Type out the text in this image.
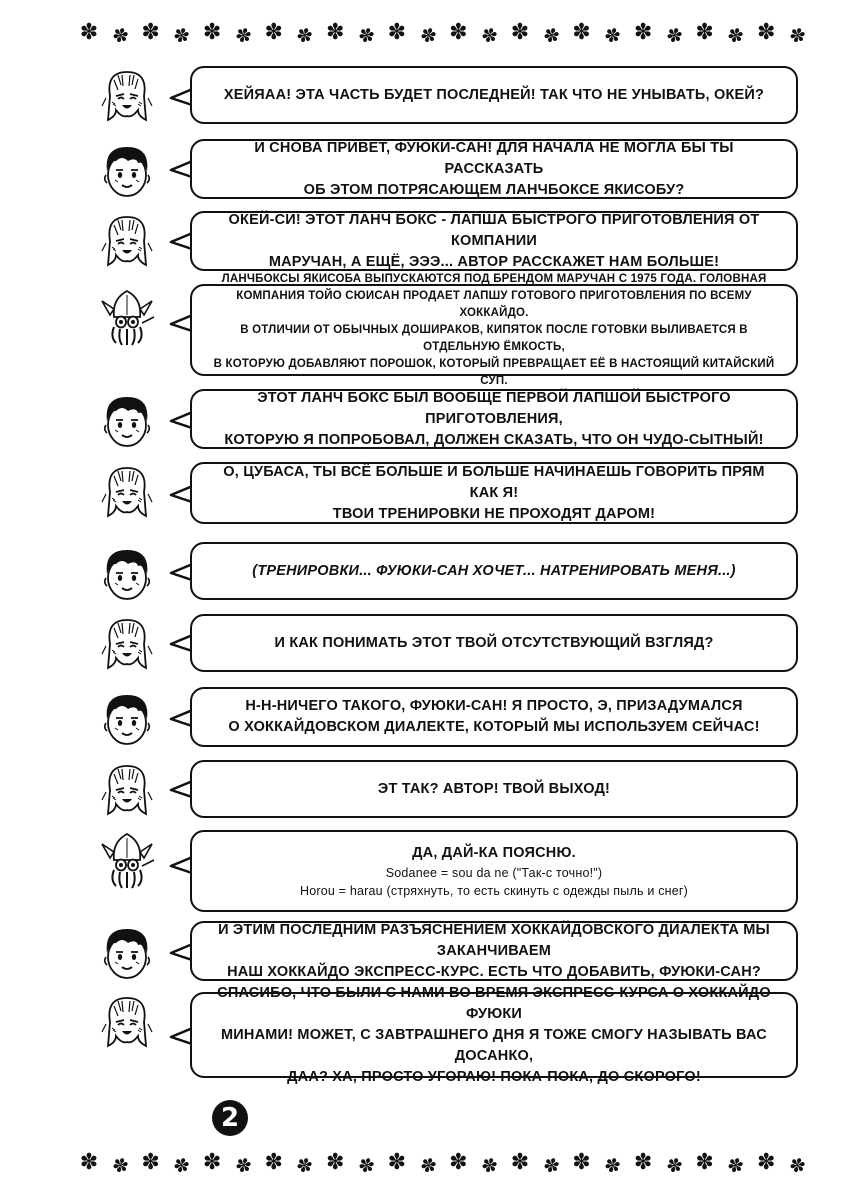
✽ ✽ ✽ ✽ ✽ ✽ ✽ ✽ ✽ ✽ ✽ ✽ ✽ ✽ ✽ ✽ ✽ ✽ ✽ ✽ ✽ ✽ ✽ ✽
ХЕЙЯАА! ЭТА ЧАСТЬ БУДЕТ ПОСЛЕДНЕЙ! ТАК ЧТО НЕ УНЫВАТЬ, ОКЕЙ?
И СНОВА ПРИВЕТ, ФУЮКИ-САН! ДЛЯ НАЧАЛА НЕ МОГЛА БЫ ТЫ РАССКАЗАТЬ
ОБ ЭТОМ ПОТРЯСАЮЩЕМ ЛАНЧБОКСЕ ЯКИСОБУ?
ОКЕЙ-СИ! ЭТОТ ЛАНЧ БОКС - ЛАПША БЫСТРОГО ПРИГОТОВЛЕНИЯ ОТ КОМПАНИИ
МАРУЧАН, А ЕЩЁ, ЭЭЭ... АВТОР РАССКАЖЕТ НАМ БОЛЬШЕ!
ЛАНЧБОКСЫ ЯКИСОБА ВЫПУСКАЮТСЯ ПОД БРЕНДОМ МАРУЧАН С 1975 ГОДА. ГОЛОВНАЯ
КОМПАНИЯ ТОЙО СЮИСАН ПРОДАЕТ ЛАПШУ ГОТОВОГО ПРИГОТОВЛЕНИЯ ПО ВСЕМУ ХОККАЙДО.
В ОТЛИЧИИ ОТ ОБЫЧНЫХ ДОШИРАКОВ, КИПЯТОК ПОСЛЕ ГОТОВКИ ВЫЛИВАЕТСЯ В ОТДЕЛЬНУЮ ЁМКОСТЬ,
В КОТОРУЮ ДОБАВЛЯЮТ ПОРОШОК, КОТОРЫЙ ПРЕВРАЩАЕТ ЕЁ В НАСТОЯЩИЙ КИТАЙСКИЙ СУП.
ЭТОТ ЛАНЧ БОКС БЫЛ ВООБЩЕ ПЕРВОЙ ЛАПШОЙ БЫСТРОГО ПРИГОТОВЛЕНИЯ,
КОТОРУЮ Я ПОПРОБОВАЛ, ДОЛЖЕН СКАЗАТЬ, ЧТО ОН ЧУДО-СЫТНЫЙ!
О, ЦУБАСА, ТЫ ВСЁ БОЛЬШЕ И БОЛЬШЕ НАЧИНАЕШЬ ГОВОРИТЬ ПРЯМ КАК Я!
ТВОИ ТРЕНИРОВКИ НЕ ПРОХОДЯТ ДАРОМ!
(ТРЕНИРОВКИ... ФУЮКИ-САН ХОЧЕТ... НАТРЕНИРОВАТЬ МЕНЯ...)
И КАК ПОНИМАТЬ ЭТОТ ТВОЙ ОТСУТСТВУЮЩИЙ ВЗГЛЯД?
Н-Н-НИЧЕГО ТАКОГО, ФУЮКИ-САН! Я ПРОСТО, Э, ПРИЗАДУМАЛСЯ
О ХОККАЙДОВСКОМ ДИАЛЕКТЕ, КОТОРЫЙ МЫ ИСПОЛЬЗУЕМ СЕЙЧАС!
ЭТ ТАК? АВТОР! ТВОЙ ВЫХОД!
ДА, ДАЙ-КА ПОЯСНЮ.
Sodanee = sou da ne ("Так-с точно!")
Horou = harau (стряхнуть, то есть скинуть с одежды пыль и снег)
И ЭТИМ ПОСЛЕДНИМ РАЗЪЯСНЕНИЕМ ХОККАЙДОВСКОГО ДИАЛЕКТА МЫ ЗАКАНЧИВАЕМ
НАШ ХОККАЙДО ЭКСПРЕСС-КУРС. ЕСТЬ ЧТО ДОБАВИТЬ, ФУЮКИ-САН?
СПАСИБО, ЧТО БЫЛИ С НАМИ ВО ВРЕМЯ ЭКСПРЕСС-КУРСА О ХОККАЙДО ФУЮКИ
МИНАМИ! МОЖЕТ, С ЗАВТРАШНЕГО ДНЯ Я ТОЖЕ СМОГУ НАЗЫВАТЬ ВАС ДОСАНКО,
ДАА? ХА, ПРОСТО УГОРАЮ! ПОКА-ПОКА, ДО СКОРОГО!
2
✽ ✽ ✽ ✽ ✽ ✽ ✽ ✽ ✽ ✽ ✽ ✽ ✽ ✽ ✽ ✽ ✽ ✽ ✽ ✽ ✽ ✽ ✽ ✽
